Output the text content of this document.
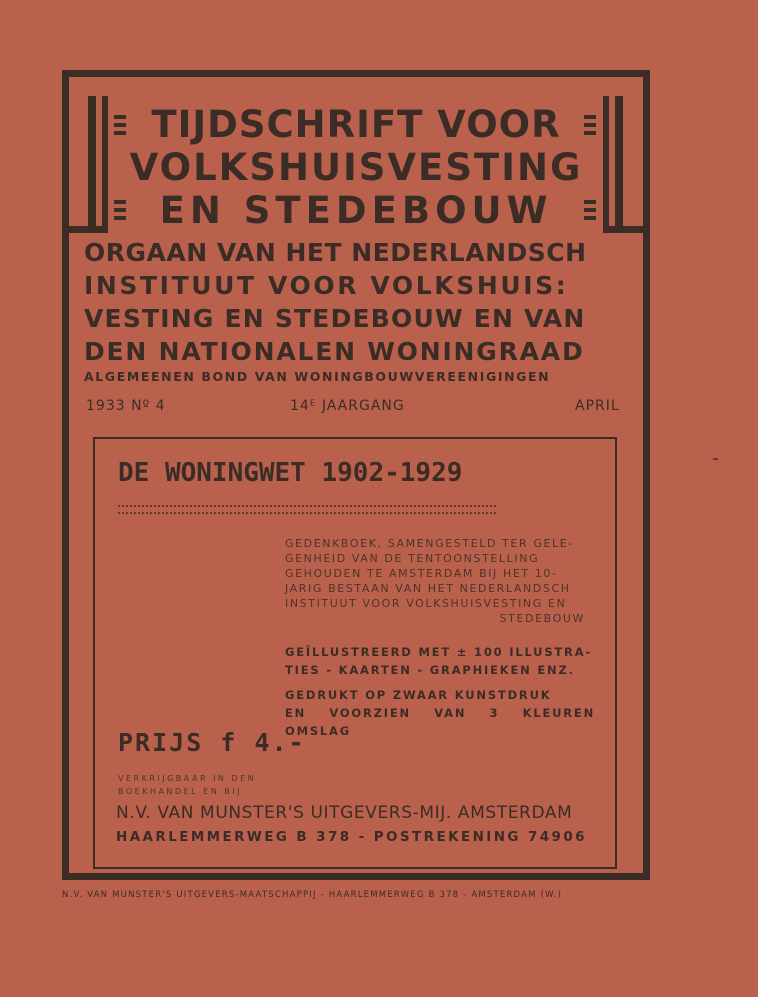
TIJDSCHRIFT VOOR
VOLKSHUISVESTING
EN STEDEBOUW
ORGAAN VAN HET NEDERLANDSCH
INSTITUUT VOOR VOLKSHUIS:
VESTING EN STEDEBOUW EN VAN
DEN NATIONALEN WONINGRAAD
ALGEMEENEN BOND VAN WONINGBOUWVEREENIGINGEN
1933 Nº 4	14ᴱ JAARGANG	APRIL
DE WONINGWET 1902-1929
GEDENKBOEK, SAMENGESTELD TER GELE-
GENHEID VAN DE TENTOONSTELLING
GEHOUDEN TE AMSTERDAM BIJ HET 10-
JARIG BESTAAN VAN HET NEDERLANDSCH
INSTITUUT VOOR VOLKSHUISVESTING EN
STEDEBOUW
GEÏLLUSTREERD MET ± 100 ILLUSTRA-
TIES - KAARTEN - GRAPHIEKEN ENZ.
GEDRUKT OP ZWAAR KUNSTDRUK
EN VOORZIEN VAN 3 KLEUREN OMSLAG
PRIJS f 4.-
VERKRIJGBAAR IN DEN
BOEKHANDEL EN BIJ
N.V. VAN MUNSTER'S UITGEVERS-MIJ. AMSTERDAM
HAARLEMMERWEG B 378 - POSTREKENING 74906
N.V. VAN MUNSTER'S UITGEVERS-MAATSCHAPPIJ - HAARLEMMERWEG B 378 - AMSTERDAM (W.)
